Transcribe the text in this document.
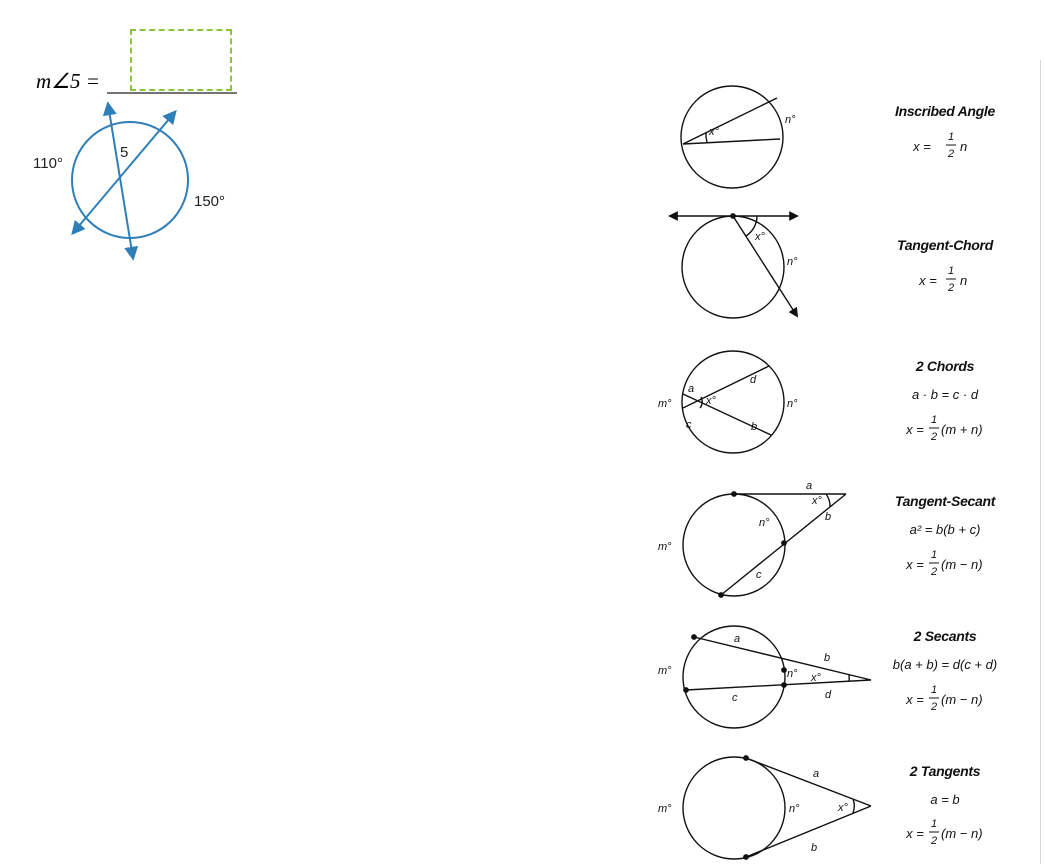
m∠5 =
5
110°
150°
x°
n°
x°
n°
m°	n°
x°
a
b
c
d
m°
n°
x°
a
b
c
m°	n° x°
a
b
c	d
m°	n°	x°
a
b
Inscribed Angle
x =
1
2 n
Tangent-Chord
x =
1
2 n
2 Chords
a · b = c · d
x =
1
2 (m + n)
Tangent-Secant
a² = b(b + c)
x =
1
2 (m − n)
2 Secants
b(a + b) = d(c + d)
x =
1
2 (m − n)
2 Tangents
a = b
x =
1
2 (m − n)
